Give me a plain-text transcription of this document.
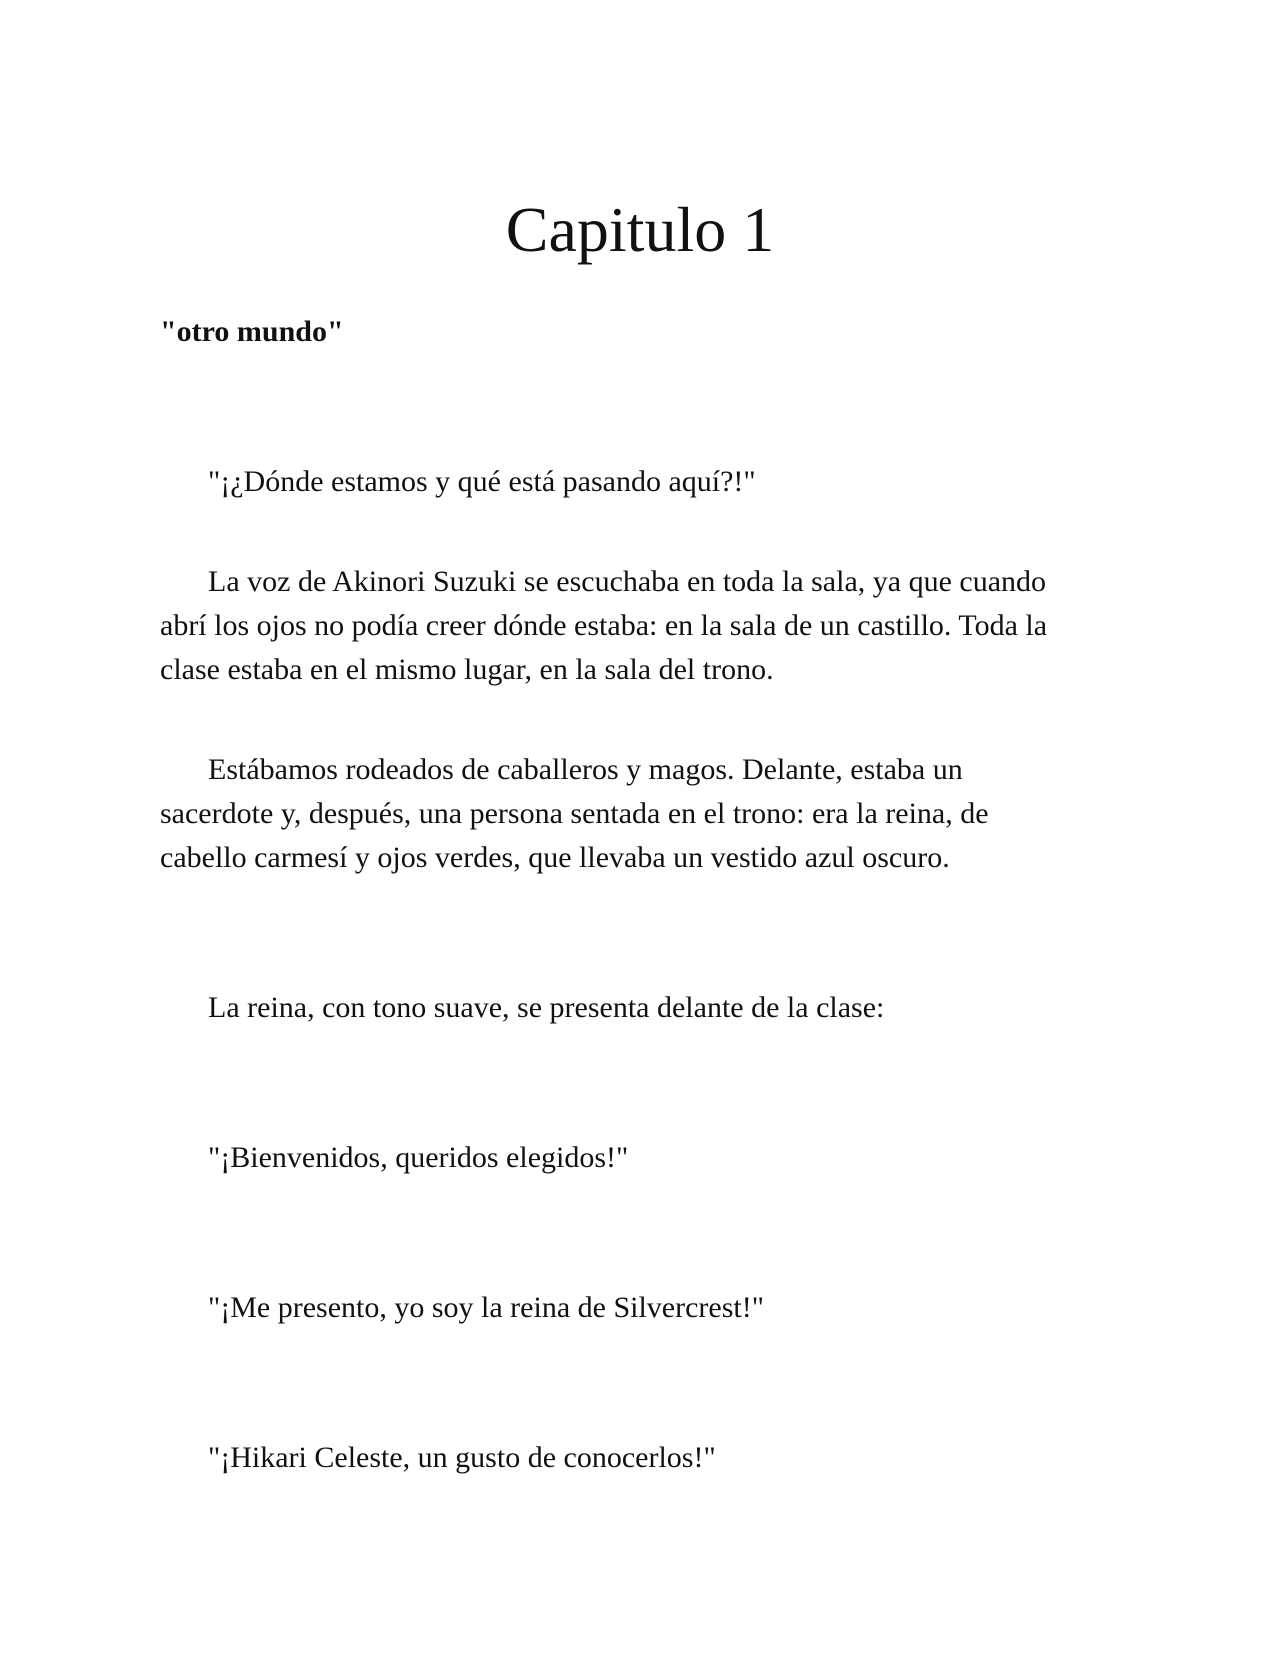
Capitulo 1

"otro mundo"

"¡¿Dónde estamos y qué está pasando aquí?!"

La voz de Akinori Suzuki se escuchaba en toda la sala, ya que cuando
abrí los ojos no podía creer dónde estaba: en la sala de un castillo. Toda la
clase estaba en el mismo lugar, en la sala del trono.

Estábamos rodeados de caballeros y magos. Delante, estaba un
sacerdote y, después, una persona sentada en el trono: era la reina, de
cabello carmesí y ojos verdes, que llevaba un vestido azul oscuro.

La reina, con tono suave, se presenta delante de la clase:

"¡Bienvenidos, queridos elegidos!"

"¡Me presento, yo soy la reina de Silvercrest!"

"¡Hikari Celeste, un gusto de conocerlos!"
